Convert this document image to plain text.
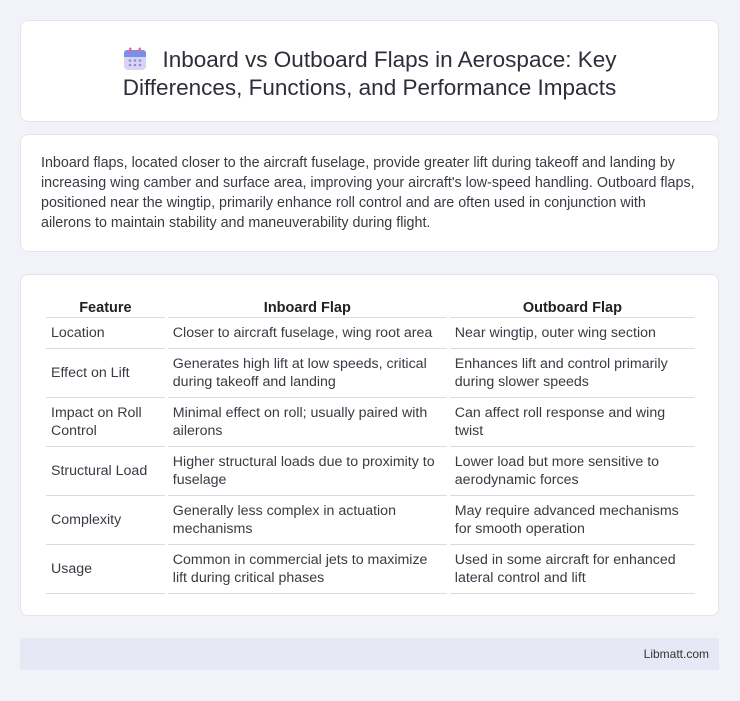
Inboard vs Outboard Flaps in Aerospace: Key
Differences, Functions, and Performance Impacts

Inboard flaps, located closer to the aircraft fuselage, provide greater lift during takeoff and landing by increasing wing camber and surface area, improving your aircraft's low-speed handling. Outboard flaps, positioned near the wingtip, primarily enhance roll control and are often used in conjunction with ailerons to maintain stability and maneuverability during flight.

Feature	Inboard Flap	Outboard Flap
Location	Closer to aircraft fuselage, wing root area	Near wingtip, outer wing section
Effect on Lift	Generates high lift at low speeds, critical during takeoff and landing	Enhances lift and control primarily during slower speeds
Impact on Roll Control	Minimal effect on roll; usually paired with ailerons	Can affect roll response and wing twist
Structural Load	Higher structural loads due to proximity to fuselage	Lower load but more sensitive to aerodynamic forces
Complexity	Generally less complex in actuation mechanisms	May require advanced mechanisms for smooth operation
Usage	Common in commercial jets to maximize lift during critical phases	Used in some aircraft for enhanced lateral control and lift
Libmatt.com
